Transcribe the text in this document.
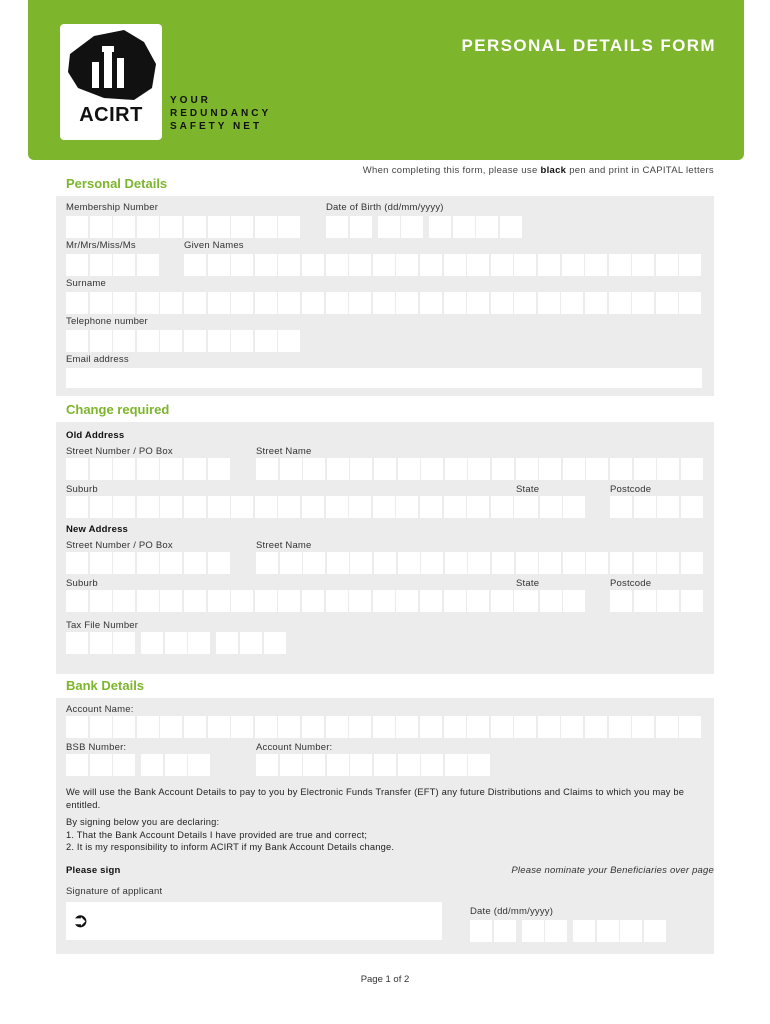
ACIRT
YOUR
REDUNDANCY
SAFETY NET
PERSONAL DETAILS FORM
When completing this form, please use black pen and print in CAPITAL letters
Personal Details
Membership Number	Date of Birth (dd/mm/yyyy)
Mr/Mrs/Miss/Ms	Given Names
Surname
Telephone number
Email address
Change required
Old Address
Street Number / PO Box	Street Name
Suburb	State	Postcode
New Address
Street Number / PO Box	Street Name
Suburb	State	Postcode
Tax File Number
Bank Details
Account Name:
BSB Number:	Account Number:
We will use the Bank Account Details to pay to you by Electronic Funds Transfer (EFT) any future Distributions and Claims to which you may be entitled.
By signing below you are declaring:
1. That the Bank Account Details I have provided are true and correct;
2. It is my responsibility to inform ACIRT if my Bank Account Details change.
Please sign	Please nominate your Beneficiaries over page
Signature of applicant
➲	Date (dd/mm/yyyy)
Page 1 of 2
